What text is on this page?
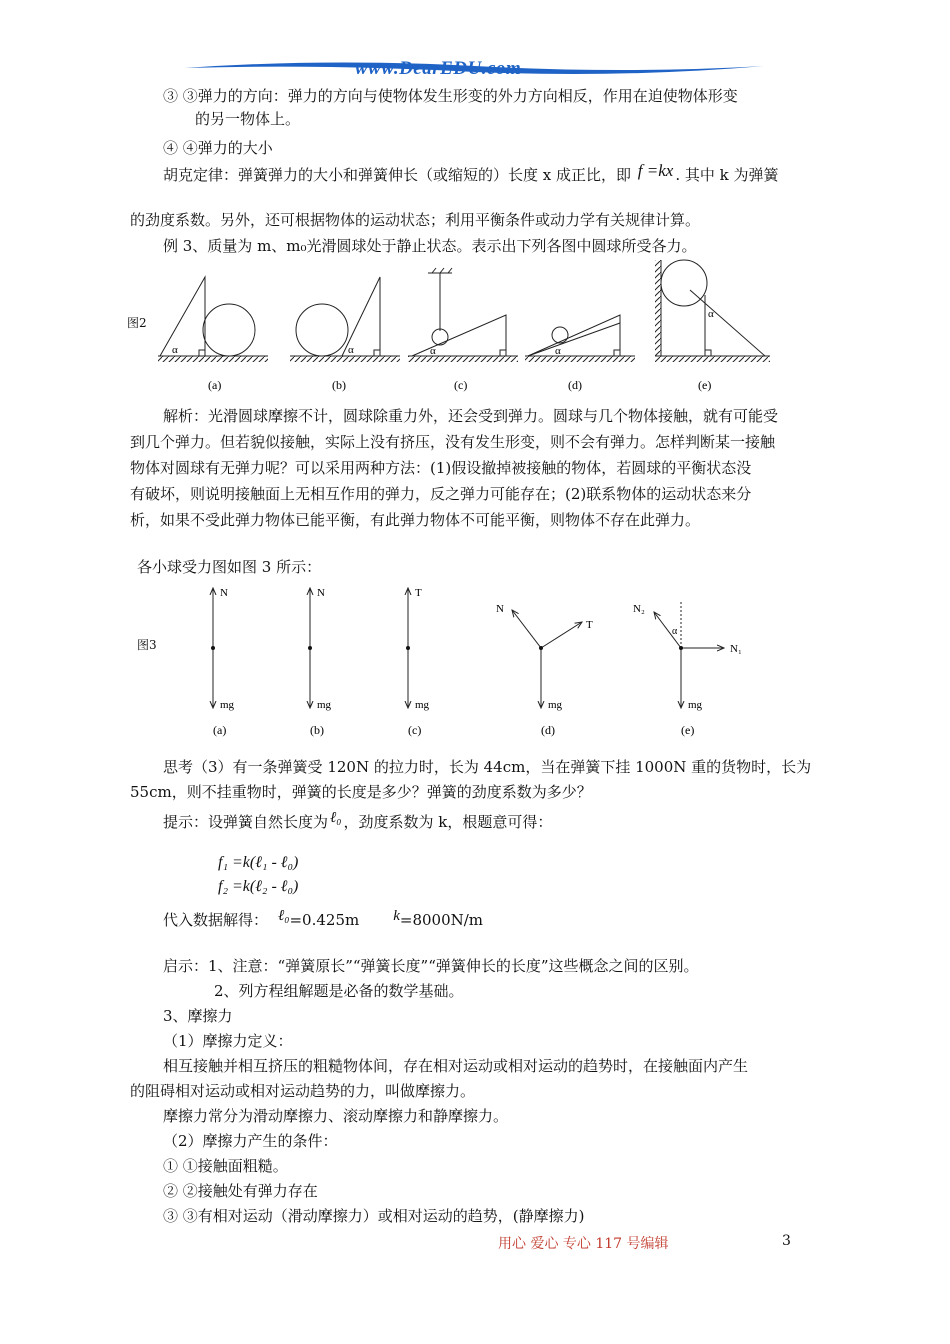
www.DearEDU.com
③ ③弹力的方向：弹力的方向与使物体发生形变的外力方向相反，作用在迫使物体形变
的另一物体上。
④ ④弹力的大小
胡克定律：弹簧弹力的大小和弹簧伸长（或缩短的）长度 x 成正比，即 f =kx . 其中 k 为弹簧
的劲度系数。另外，还可根据物体的运动状态；利用平衡条件或动力学有关规律计算。
例 3、质量为 m、m₀光滑圆球处于静止状态。表示出下列各图中圆球所受各力。
图2
α	α	α	α
α
(a)	(b)	(c)	(d)	(e)
解析：光滑圆球摩擦不计，圆球除重力外，还会受到弹力。圆球与几个物体接触，就有可能受
到几个弹力。但若貌似接触，实际上没有挤压，没有发生形变，则不会有弹力。怎样判断某一接触
物体对圆球有无弹力呢？可以采用两种方法：(1)假设撤掉被接触的物体，若圆球的平衡状态没
有破坏，则说明接触面上无相互作用的弹力，反之弹力可能存在；(2)联系物体的运动状态来分
析，如果不受此弹力物体已能平衡，有此弹力物体不可能平衡，则物体不存在此弹力。
各小球受力图如图 3 所示：
图3
N
mg
N
mg
T
mg
N
T
mg
N₂
α
N₁
mg
(a)	(b)	(c)	(d)	(e)
思考（3）有一条弹簧受 120N 的拉力时，长为 44cm，当在弹簧下挂 1000N 重的货物时，长为
55cm，则不挂重物时，弹簧的长度是多少？弹簧的劲度系数为多少？
提示：设弹簧自然长度为 ℓ₀ ，劲度系数为 k，根题意可得：
f₁ =k(ℓ₁ - ℓ₀)
f₂ =k(ℓ₂ - ℓ₀)
代入数据解得： ℓ₀=0.425m k=8000N/m
启示：1、注意：“弹簧原长”“弹簧长度”“弹簧伸长的长度”这些概念之间的区别。
2、列方程组解题是必备的数学基础。
3、摩擦力
（1）摩擦力定义：
相互接触并相互挤压的粗糙物体间，存在相对运动或相对运动的趋势时，在接触面内产生
的阻碍相对运动或相对运动趋势的力，叫做摩擦力。
摩擦力常分为滑动摩擦力、滚动摩擦力和静摩擦力。
（2）摩擦力产生的条件：
① ①接触面粗糙。
② ②接触处有弹力存在
③ ③有相对运动（滑动摩擦力）或相对运动的趋势，(静摩擦力)
用心 爱心 专心 117 号编辑	3
